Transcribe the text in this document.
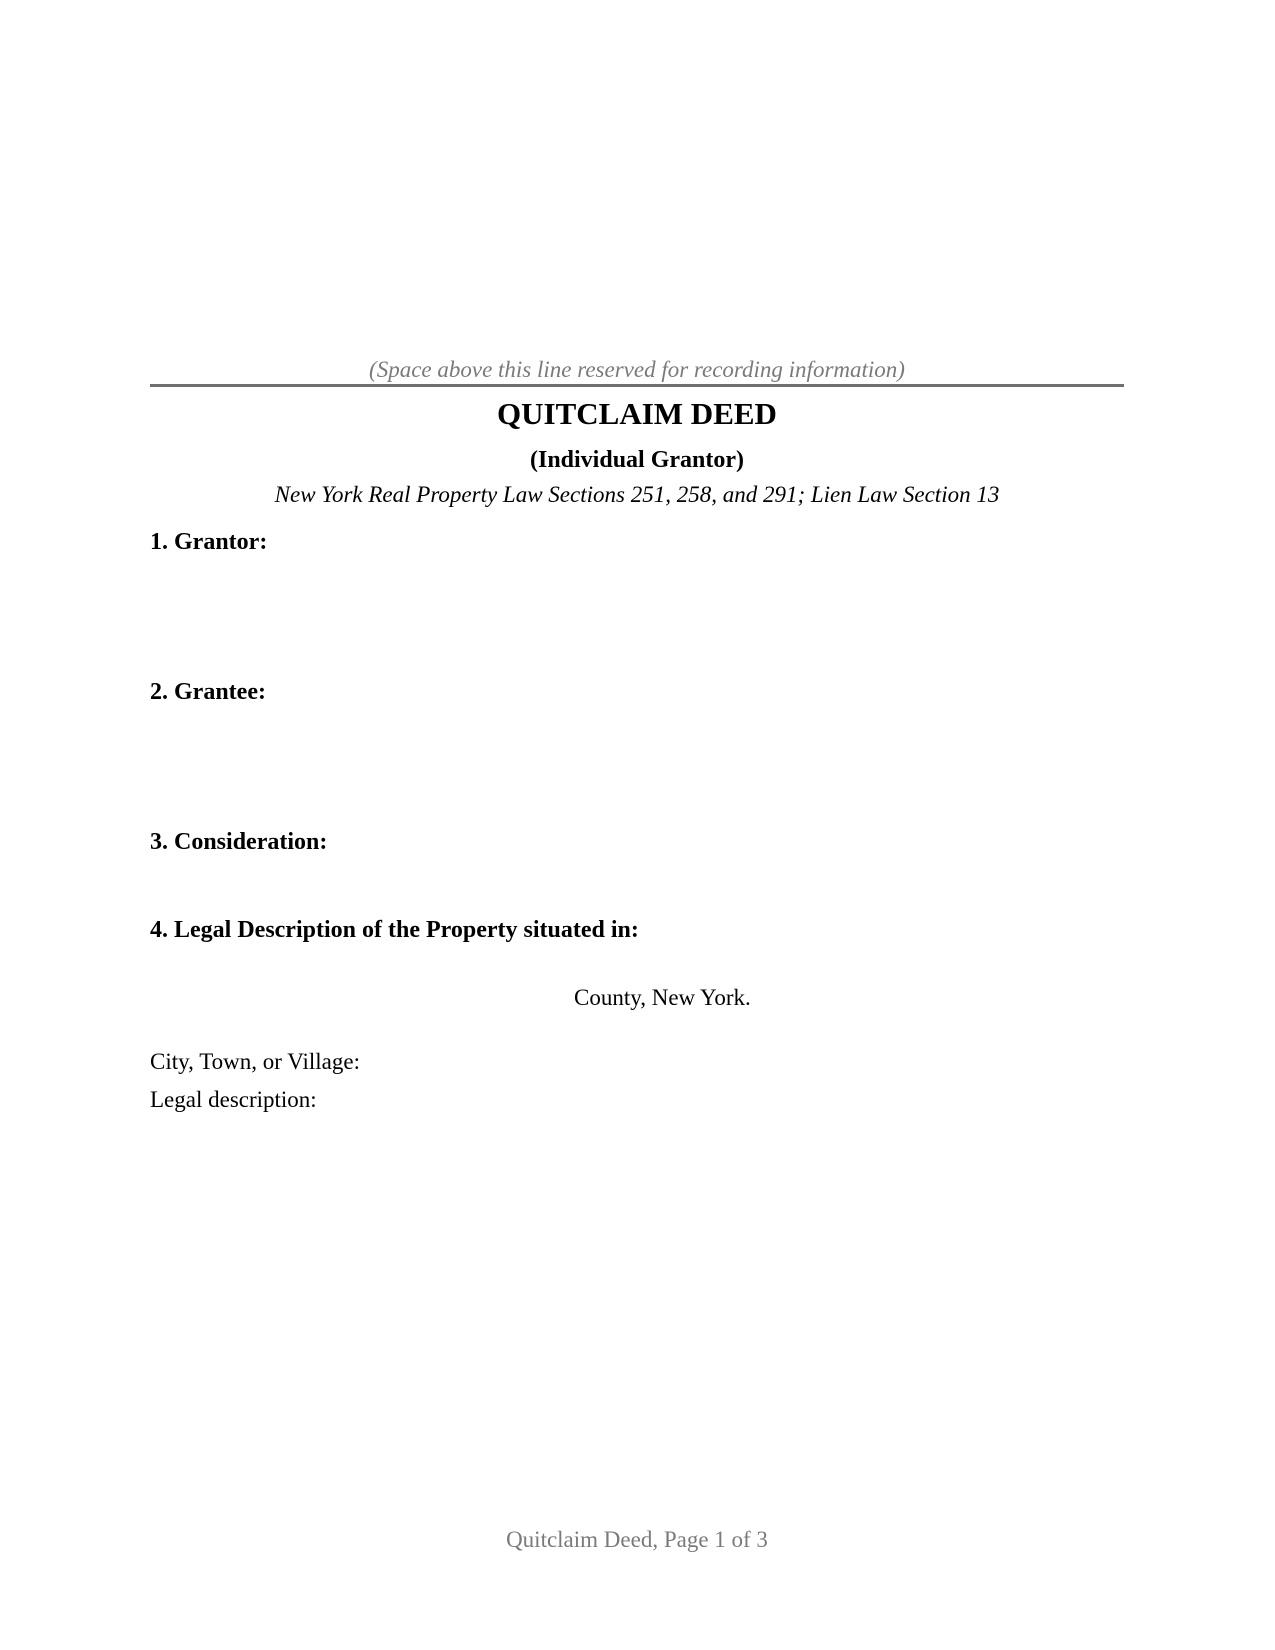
(Space above this line reserved for recording information)
QUITCLAIM DEED
(Individual Grantor)
New York Real Property Law Sections 251, 258, and 291; Lien Law Section 13
1. Grantor:
2. Grantee:
3. Consideration:
4. Legal Description of the Property situated in:
County, New York.
City, Town, or Village:
Legal description:
Quitclaim Deed, Page 1 of 3
